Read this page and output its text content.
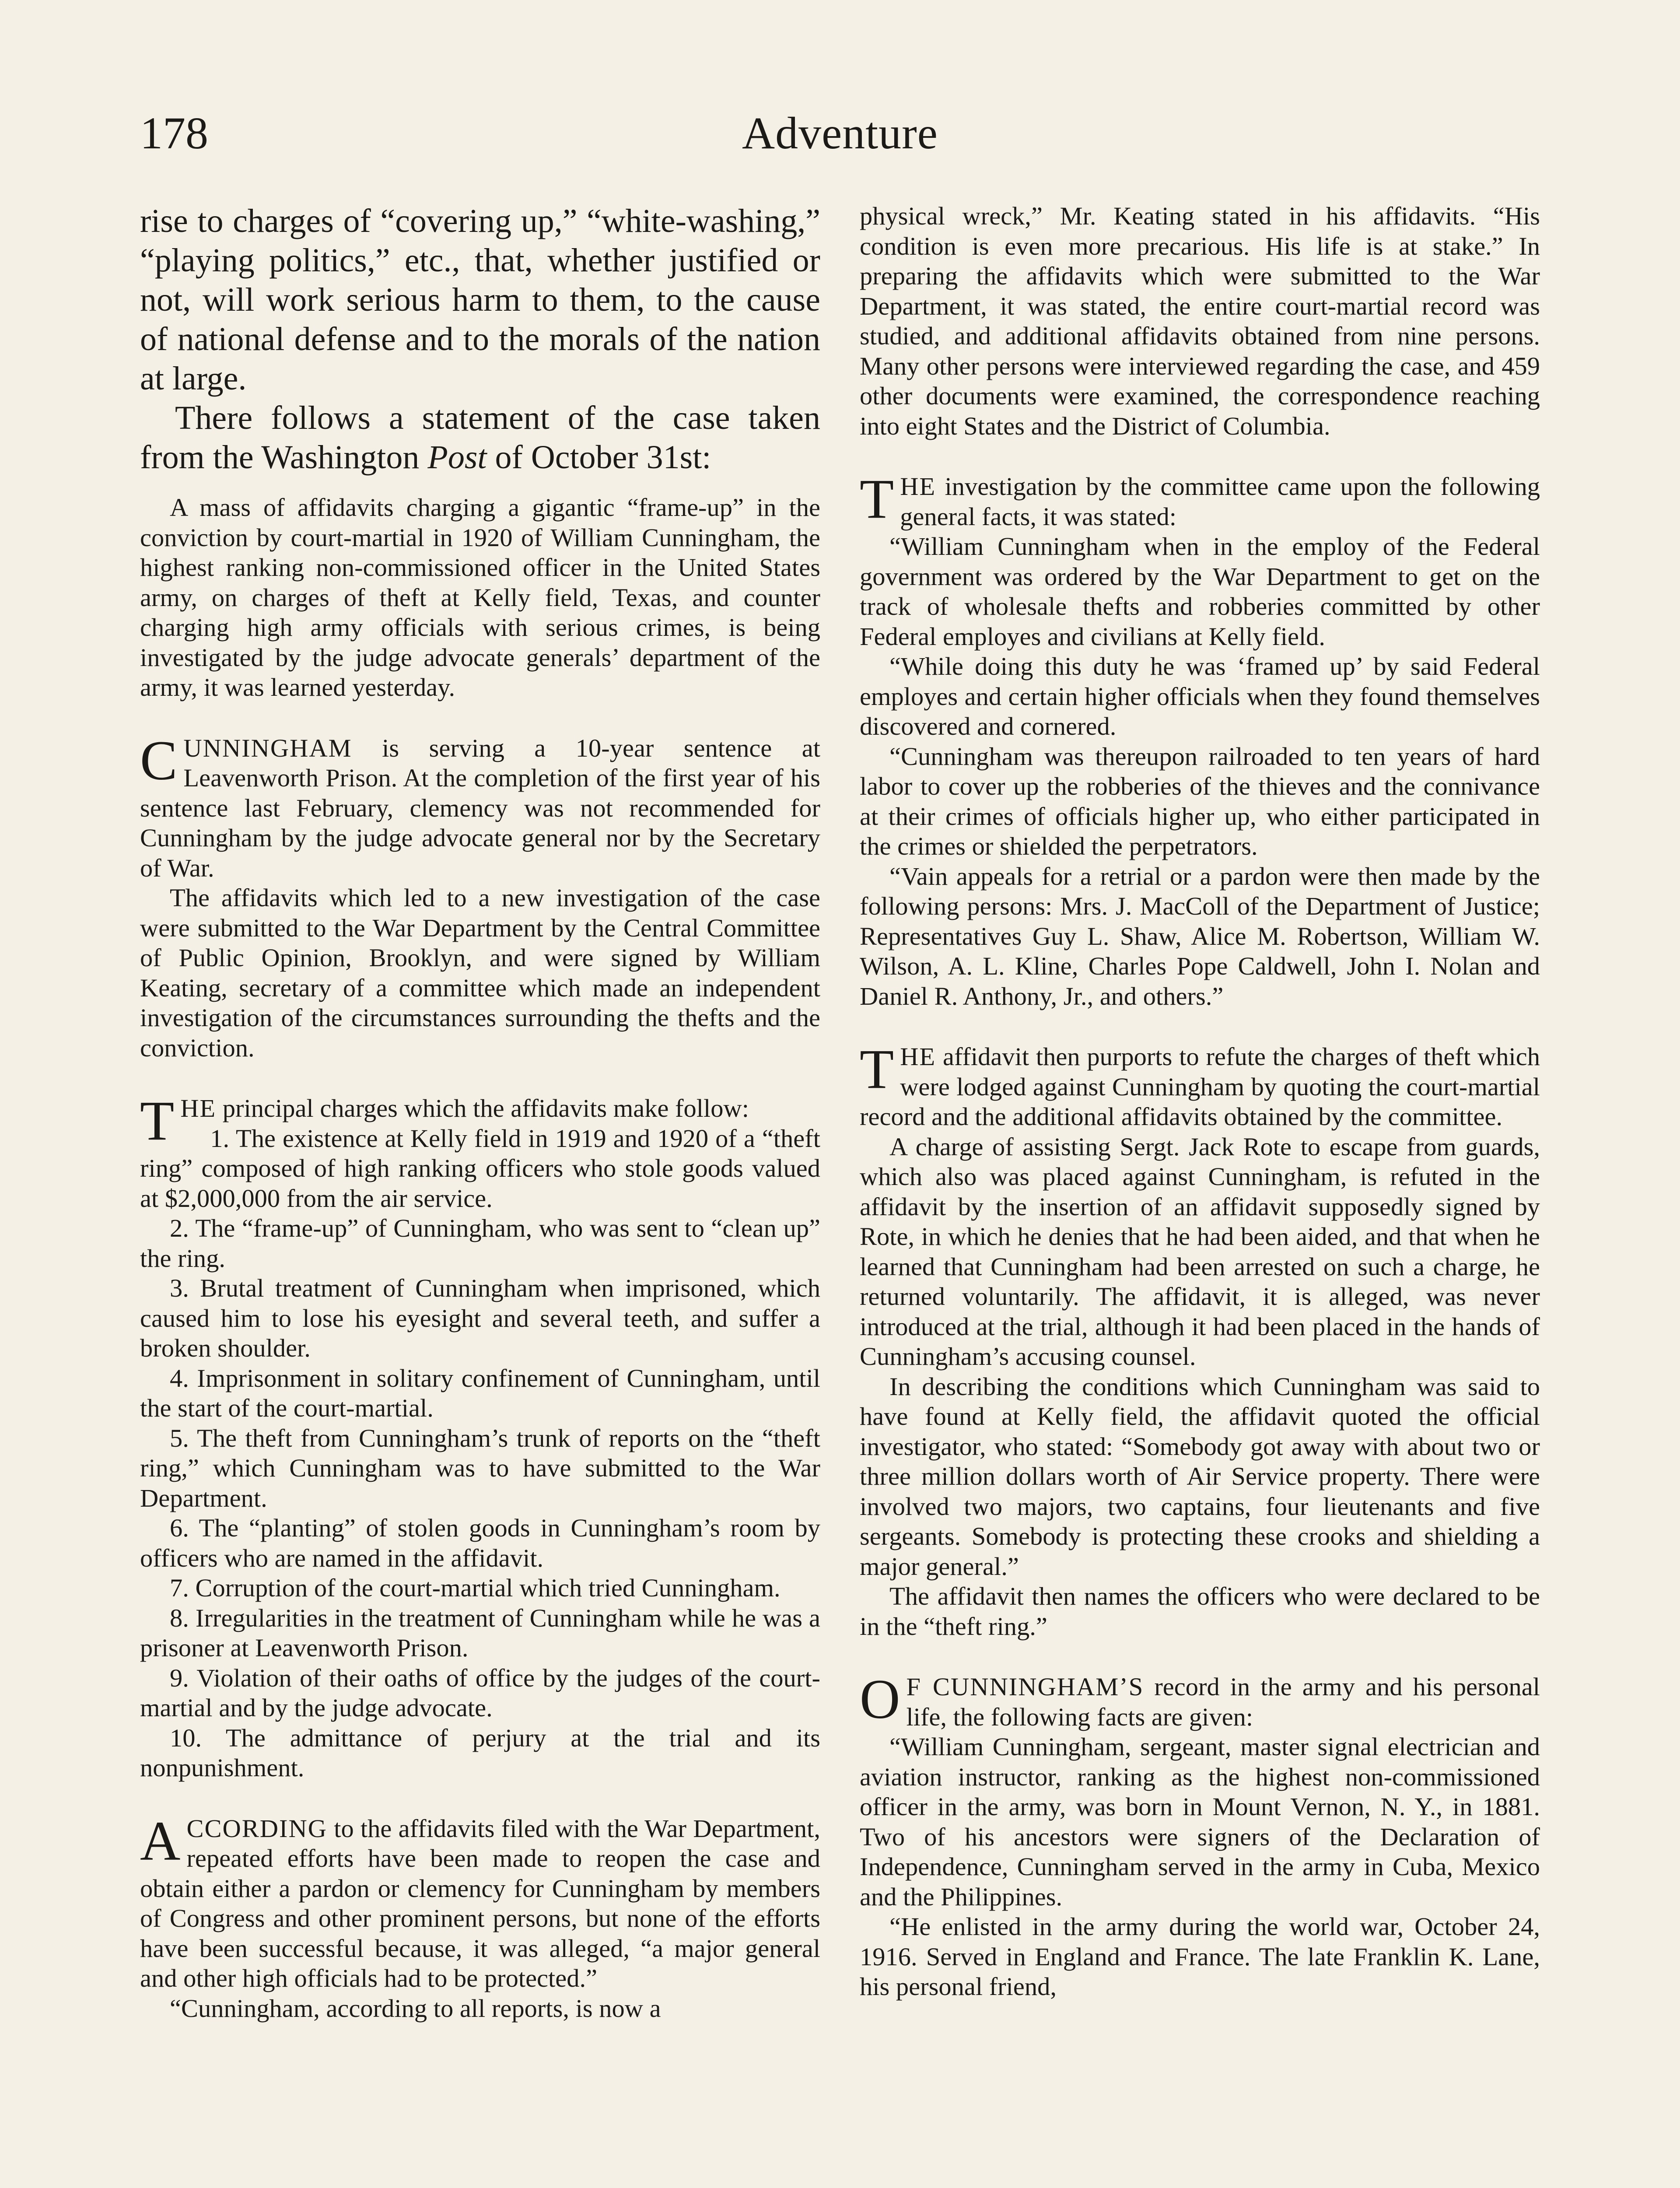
178	Adventure

rise to charges of “covering up,” “white-washing,” “playing politics,” etc., that, whether justified or not, will work serious harm to them, to the cause of national defense and to the morals of the nation at large.

There follows a statement of the case taken from the Washington Post of October 31st:

A mass of affidavits charging a gigantic “frame-up” in the conviction by court-martial in 1920 of William Cunningham, the highest ranking non-commissioned officer in the United States army, on charges of theft at Kelly field, Texas, and counter charging high army officials with serious crimes, is being investigated by the judge advocate generals’ department of the army, it was learned yesterday.

CUNNINGHAM is serving a 10-year sentence at Leavenworth Prison. At the completion of the first year of his sentence last February, clemency was not recommended for Cunningham by the judge advocate general nor by the Secretary of War.

The affidavits which led to a new investigation of the case were submitted to the War Department by the Central Committee of Public Opinion, Brooklyn, and were signed by William Keating, secretary of a committee which made an independent investigation of the circumstances surrounding the thefts and the conviction.

THE principal charges which the affidavits make follow:

1. The existence at Kelly field in 1919 and 1920 of a “theft ring” composed of high ranking officers who stole goods valued at $2,000,000 from the air service.

2. The “frame-up” of Cunningham, who was sent to “clean up” the ring.

3. Brutal treatment of Cunningham when imprisoned, which caused him to lose his eyesight and several teeth, and suffer a broken shoulder.

4. Imprisonment in solitary confinement of Cunningham, until the start of the court-martial.

5. The theft from Cunningham’s trunk of reports on the “theft ring,” which Cunningham was to have submitted to the War Department.

6. The “planting” of stolen goods in Cunningham’s room by officers who are named in the affidavit.

7. Corruption of the court-martial which tried Cunningham.

8. Irregularities in the treatment of Cunningham while he was a prisoner at Leavenworth Prison.

9. Violation of their oaths of office by the judges of the court-martial and by the judge advocate.

10. The admittance of perjury at the trial and its nonpunishment.

ACCORDING to the affidavits filed with the War Department, repeated efforts have been made to reopen the case and obtain either a pardon or clemency for Cunningham by members of Congress and other prominent persons, but none of the efforts have been successful because, it was alleged, “a major general and other high officials had to be protected.”

“Cunningham, according to all reports, is now a

physical wreck,” Mr. Keating stated in his affidavits. “His condition is even more precarious. His life is at stake.” In preparing the affidavits which were submitted to the War Department, it was stated, the entire court-martial record was studied, and additional affidavits obtained from nine persons. Many other persons were interviewed regarding the case, and 459 other documents were examined, the correspondence reaching into eight States and the District of Columbia.

THE investigation by the committee came upon the following general facts, it was stated:

“William Cunningham when in the employ of the Federal government was ordered by the War Department to get on the track of wholesale thefts and robberies committed by other Federal employes and civilians at Kelly field.

“While doing this duty he was ‘framed up’ by said Federal employes and certain higher officials when they found themselves discovered and cornered.

“Cunningham was thereupon railroaded to ten years of hard labor to cover up the robberies of the thieves and the connivance at their crimes of officials higher up, who either participated in the crimes or shielded the perpetrators.

“Vain appeals for a retrial or a pardon were then made by the following persons: Mrs. J. MacColl of the Department of Justice; Representatives Guy L. Shaw, Alice M. Robertson, William W. Wilson, A. L. Kline, Charles Pope Caldwell, John I. Nolan and Daniel R. Anthony, Jr., and others.”

THE affidavit then purports to refute the charges of theft which were lodged against Cunningham by quoting the court-martial record and the additional affidavits obtained by the committee.

A charge of assisting Sergt. Jack Rote to escape from guards, which also was placed against Cunningham, is refuted in the affidavit by the insertion of an affidavit supposedly signed by Rote, in which he denies that he had been aided, and that when he learned that Cunningham had been arrested on such a charge, he returned voluntarily. The affidavit, it is alleged, was never introduced at the trial, although it had been placed in the hands of Cunningham’s accusing counsel.

In describing the conditions which Cunningham was said to have found at Kelly field, the affidavit quoted the official investigator, who stated: “Somebody got away with about two or three million dollars worth of Air Service property. There were involved two majors, two captains, four lieutenants and five sergeants. Somebody is protecting these crooks and shielding a major general.”

The affidavit then names the officers who were declared to be in the “theft ring.”

O F CUNNINGHAM’S record in the army and his personal life, the following facts are given:

“William Cunningham, sergeant, master signal electrician and aviation instructor, ranking as the highest non-commissioned officer in the army, was born in Mount Vernon, N. Y., in 1881. Two of his ancestors were signers of the Declaration of Independence, Cunningham served in the army in Cuba, Mexico and the Philippines.

“He enlisted in the army during the world war, October 24, 1916. Served in England and France. The late Franklin K. Lane, his personal friend,
